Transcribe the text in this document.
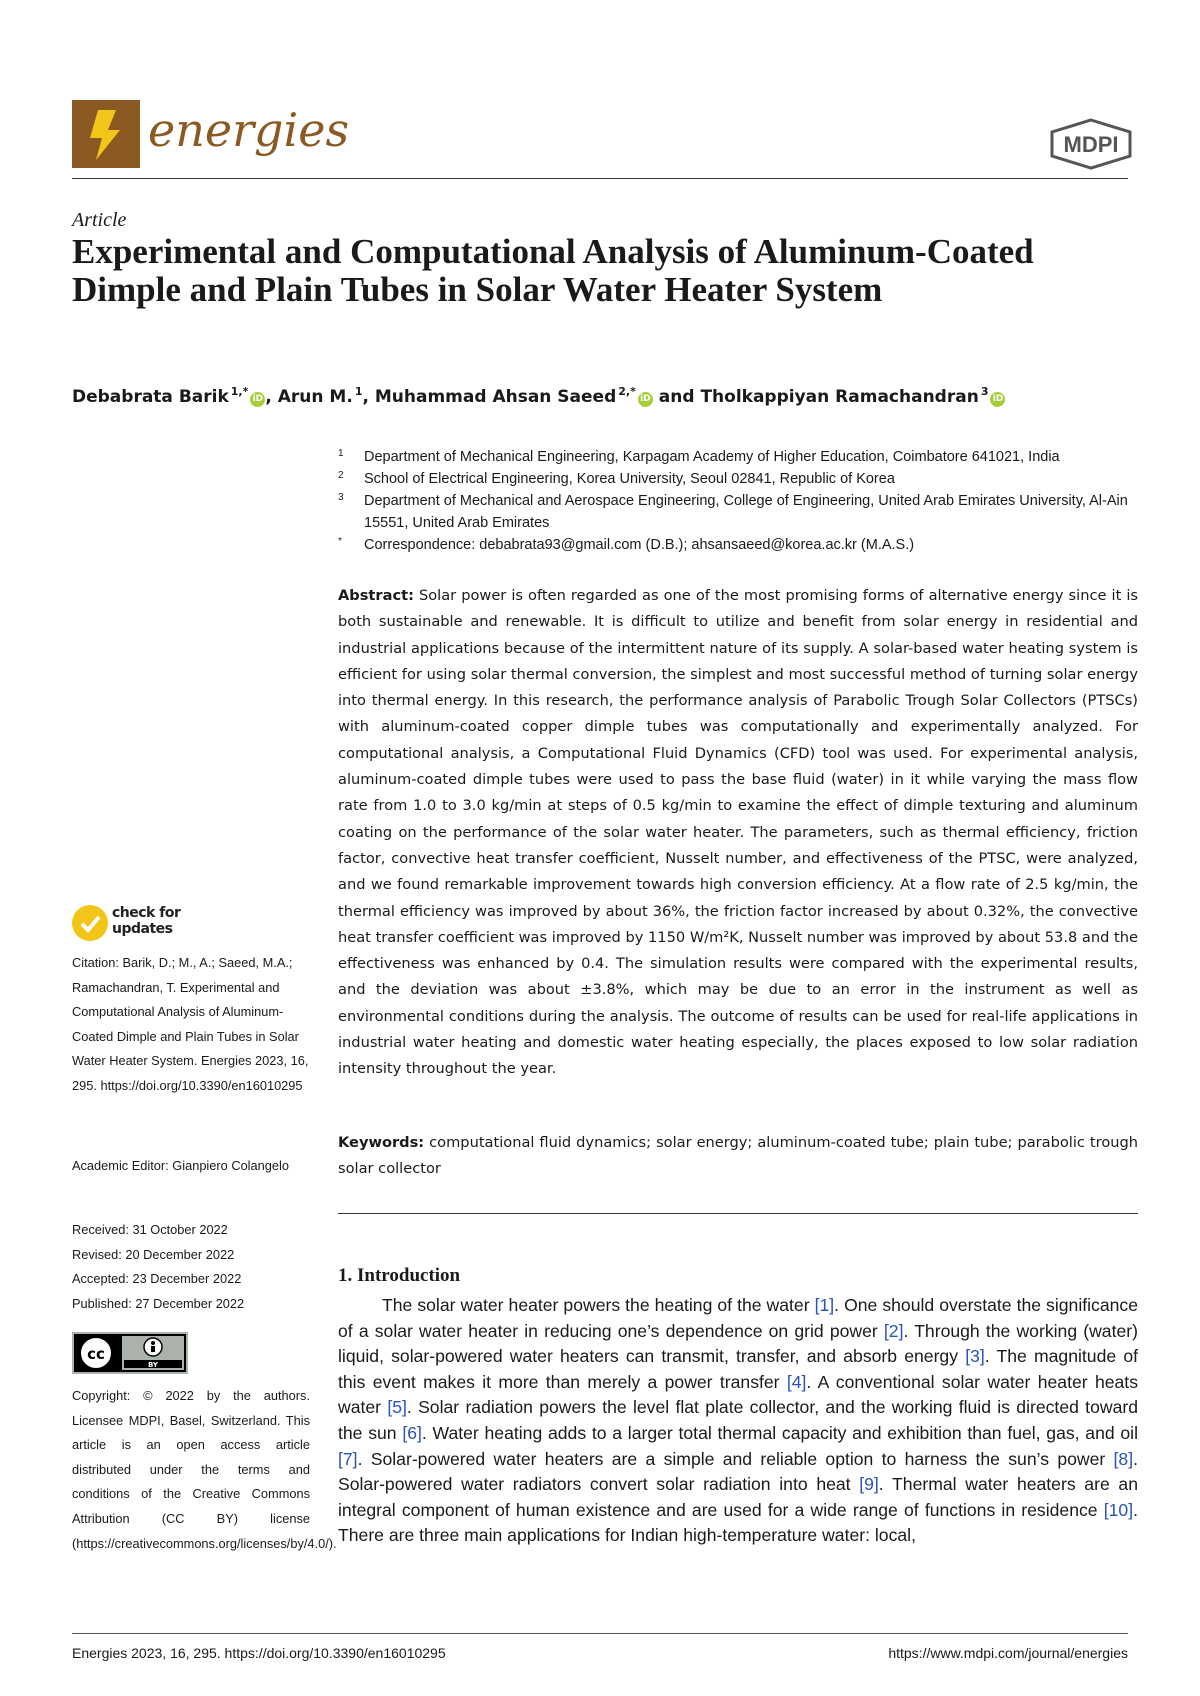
energies	MDPI
Article
Experimental and Computational Analysis of Aluminum-Coated Dimple and Plain Tubes in Solar Water Heater System
Debabrata Barik $^{1,*}$iD , Arun M. $^1$, Muhammad Ahsan Saeed $^{2,*}$iD and Tholkappiyan Ramachandran $^3$iD
1	Department of Mechanical Engineering, Karpagam Academy of Higher Education, Coimbatore 641021, India
2	School of Electrical Engineering, Korea University, Seoul 02841, Republic of Korea
3	Department of Mechanical and Aerospace Engineering, College of Engineering, United Arab Emirates University, Al-Ain 15551, United Arab Emirates
*	Correspondence: debabrata93@gmail.com (D.B.); ahsansaeed@korea.ac.kr (M.A.S.)

Abstract: Solar power is often regarded as one of the most promising forms of alternative energy since it is both sustainable and renewable. It is difficult to utilize and benefit from solar energy in residential and industrial applications because of the intermittent nature of its supply. A solar-based water heating system is efficient for using solar thermal conversion, the simplest and most successful method of turning solar energy into thermal energy. In this research, the performance analysis of Parabolic Trough Solar Collectors (PTSCs) with aluminum-coated copper dimple tubes was computationally and experimentally analyzed. For computational analysis, a Computational Fluid Dynamics (CFD) tool was used. For experimental analysis, aluminum-coated dimple tubes were used to pass the base fluid (water) in it while varying the mass flow rate from 1.0 to 3.0 kg/min at steps of 0.5 kg/min to examine the effect of dimple texturing and aluminum coating on the performance of the solar water heater. The parameters, such as thermal efficiency, friction factor, convective heat transfer coefficient, Nusselt number, and effectiveness of the PTSC, were analyzed, and we found remarkable improvement towards high conversion efficiency. At a flow rate of 2.5 kg/min, the thermal efficiency was improved by about 36%, the friction factor increased by about 0.32%, the convective heat transfer coefficient was improved by 1150 W/m²K, Nusselt number was improved by about 53.8 and the effectiveness was enhanced by 0.4. The simulation results were compared with the experimental results, and the deviation was about ±3.8%, which may be due to an error in the instrument as well as environmental conditions during the analysis. The outcome of results can be used for real-life applications in industrial water heating and domestic water heating especially, the places exposed to low solar radiation intensity throughout the year.

Keywords: computational fluid dynamics; solar energy; aluminum-coated tube; plain tube; parabolic trough solar collector

1. Introduction

The solar water heater powers the heating of the water [1]. One should overstate the significance of a solar water heater in reducing one’s dependence on grid power [2]. Through the working (water) liquid, solar-powered water heaters can transmit, transfer, and absorb energy [3]. The magnitude of this event makes it more than merely a power transfer [4]. A conventional solar water heater heats water [5]. Solar radiation powers the level flat plate collector, and the working fluid is directed toward the sun [6]. Water heating adds to a larger total thermal capacity and exhibition than fuel, gas, and oil [7]. Solar-powered water heaters are a simple and reliable option to harness the sun’s power [8]. Solar-powered water radiators convert solar radiation into heat [9]. Thermal water heaters are an integral component of human existence and are used for a wide range of functions in residence [10]. There are three main applications for Indian high-temperature water: local,

check for
updates

Citation: Barik, D.; M., A.; Saeed, M.A.; Ramachandran, T. Experimental and Computational Analysis of Aluminum-Coated Dimple and Plain Tubes in Solar Water Heater System. Energies 2023, 16, 295. https://doi.org/10.3390/en16010295

Academic Editor: Gianpiero Colangelo

Received: 31 October 2022
Revised: 20 December 2022
Accepted: 23 December 2022
Published: 27 December 2022
cc
BY

Copyright: © 2022 by the authors. Licensee MDPI, Basel, Switzerland. This article is an open access article distributed under the terms and conditions of the Creative Commons Attribution (CC BY) license (https://creativecommons.org/licenses/by/4.0/).

Energies 2023, 16, 295. https://doi.org/10.3390/en16010295	https://www.mdpi.com/journal/energies
